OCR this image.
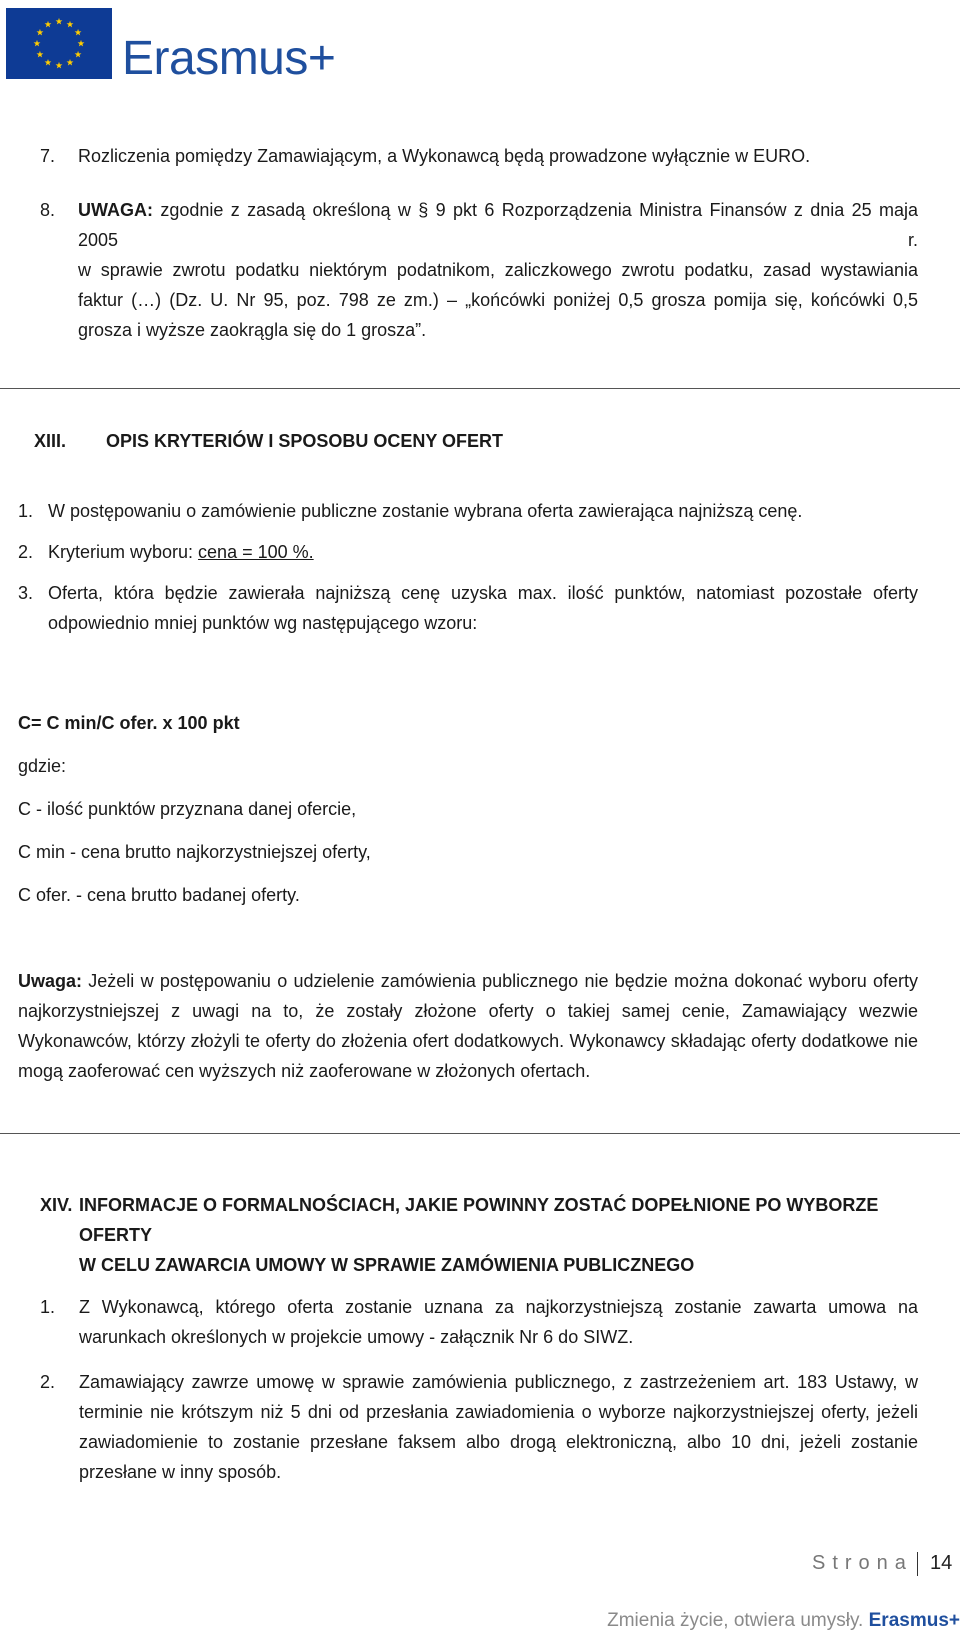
Erasmus+
7. Rozliczenia pomiędzy Zamawiającym, a Wykonawcą będą prowadzone wyłącznie w EURO.
8. UWAGA: zgodnie z zasadą określoną w § 9 pkt 6 Rozporządzenia Ministra Finansów z dnia 25 maja 2005 r.
w sprawie zwrotu podatku niektórym podatnikom, zaliczkowego zwrotu podatku, zasad wystawiania faktur (…) (Dz. U. Nr 95, poz. 798 ze zm.) – „końcówki poniżej 0,5 grosza pomija się, końcówki 0,5 grosza i wyższe zaokrągla się do 1 grosza”.
XIII. OPIS KRYTERIÓW I SPOSOBU OCENY OFERT
1. W postępowaniu o zamówienie publiczne zostanie wybrana oferta zawierająca najniższą cenę.
2. Kryterium wyboru: cena = 100 %.
3. Oferta, która będzie zawierała najniższą cenę uzyska max. ilość punktów, natomiast pozostałe oferty odpowiednio mniej punktów wg następującego wzoru:
C= C min/C ofer. x 100 pkt
gdzie:
C - ilość punktów przyznana danej ofercie,
C min - cena brutto najkorzystniejszej oferty,
C ofer. - cena brutto badanej oferty.
Uwaga: Jeżeli w postępowaniu o udzielenie zamówienia publicznego nie będzie można dokonać wyboru oferty najkorzystniejszej z uwagi na to, że zostały złożone oferty o takiej samej cenie, Zamawiający wezwie Wykonawców, którzy złożyli te oferty do złożenia ofert dodatkowych. Wykonawcy składając oferty dodatkowe nie mogą zaoferować cen wyższych niż zaoferowane w złożonych ofertach.
XIV. INFORMACJE O FORMALNOŚCIACH, JAKIE POWINNY ZOSTAĆ DOPEŁNIONE PO WYBORZE
OFERTY
W CELU ZAWARCIA UMOWY W SPRAWIE ZAMÓWIENIA PUBLICZNEGO
1. Z Wykonawcą, którego oferta zostanie uznana za najkorzystniejszą zostanie zawarta umowa na warunkach określonych w projekcie umowy - załącznik Nr 6 do SIWZ.
2. Zamawiający zawrze umowę w sprawie zamówienia publicznego, z zastrzeżeniem art. 183 Ustawy, w terminie nie krótszym niż 5 dni od przesłania zawiadomienia o wyborze najkorzystniejszej oferty, jeżeli zawiadomienie to zostanie przesłane faksem albo drogą elektroniczną, albo 10 dni, jeżeli zostanie przesłane w inny sposób.
Strona 14
Zmienia życie, otwiera umysły. Erasmus+
